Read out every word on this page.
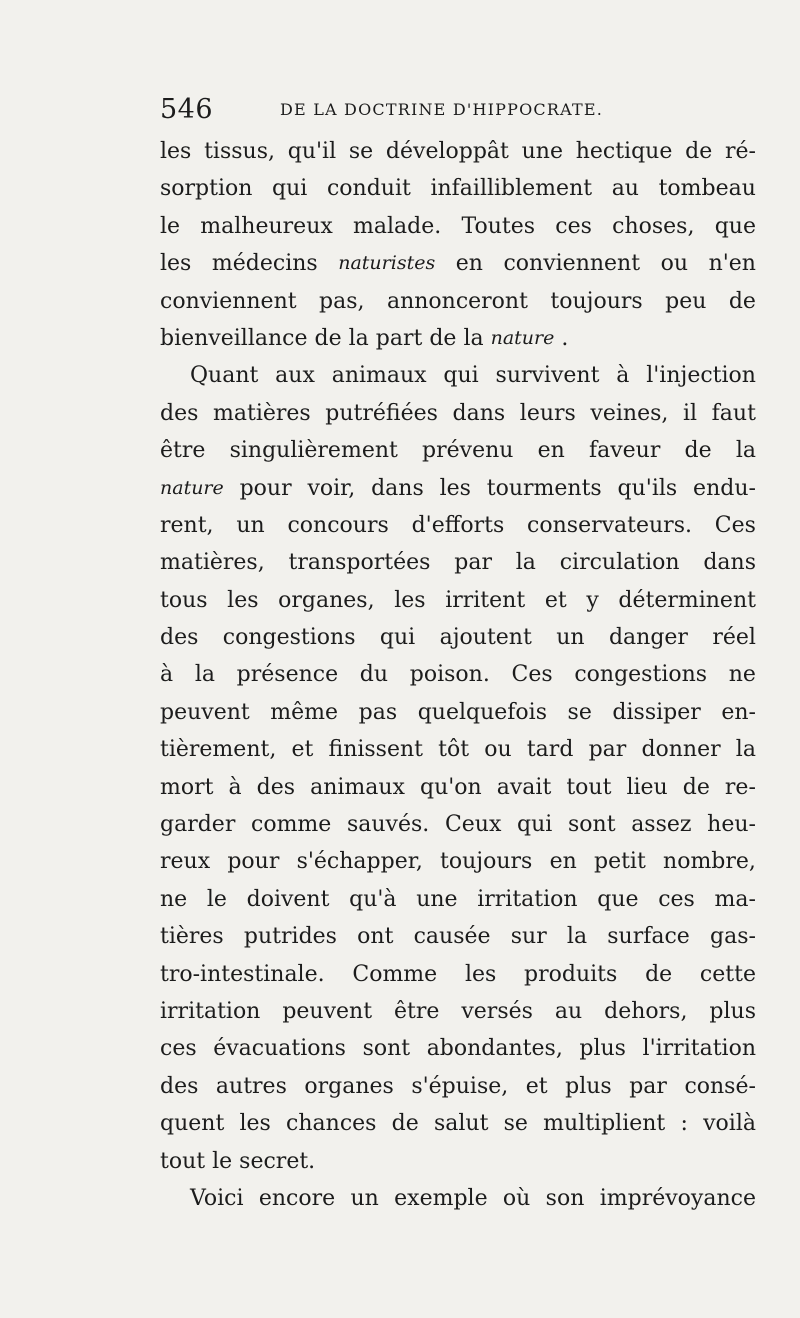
546	DE LA DOCTRINE D'HIPPOCRATE.
les tissus, qu'il se développât une hectique de ré-
sorption qui conduit infailliblement au tombeau
le malheureux malade. Toutes ces choses, que
les médecins naturistes en conviennent ou n'en
conviennent pas, annonceront toujours peu de
bienveillance de la part de la nature .
Quant aux animaux qui survivent à l'injection
des matières putréfiées dans leurs veines, il faut
être singulièrement prévenu en faveur de la
nature pour voir, dans les tourments qu'ils endu-
rent, un concours d'efforts conservateurs. Ces
matières, transportées par la circulation dans
tous les organes, les irritent et y déterminent
des congestions qui ajoutent un danger réel
à la présence du poison. Ces congestions ne
peuvent même pas quelquefois se dissiper en-
tièrement, et finissent tôt ou tard par donner la
mort à des animaux qu'on avait tout lieu de re-
garder comme sauvés. Ceux qui sont assez heu-
reux pour s'échapper, toujours en petit nombre,
ne le doivent qu'à une irritation que ces ma-
tières putrides ont causée sur la surface gas-
tro-intestinale. Comme les produits de cette
irritation peuvent être versés au dehors, plus
ces évacuations sont abondantes, plus l'irritation
des autres organes s'épuise, et plus par consé-
quent les chances de salut se multiplient : voilà
tout le secret.
Voici encore un exemple où son imprévoyance
